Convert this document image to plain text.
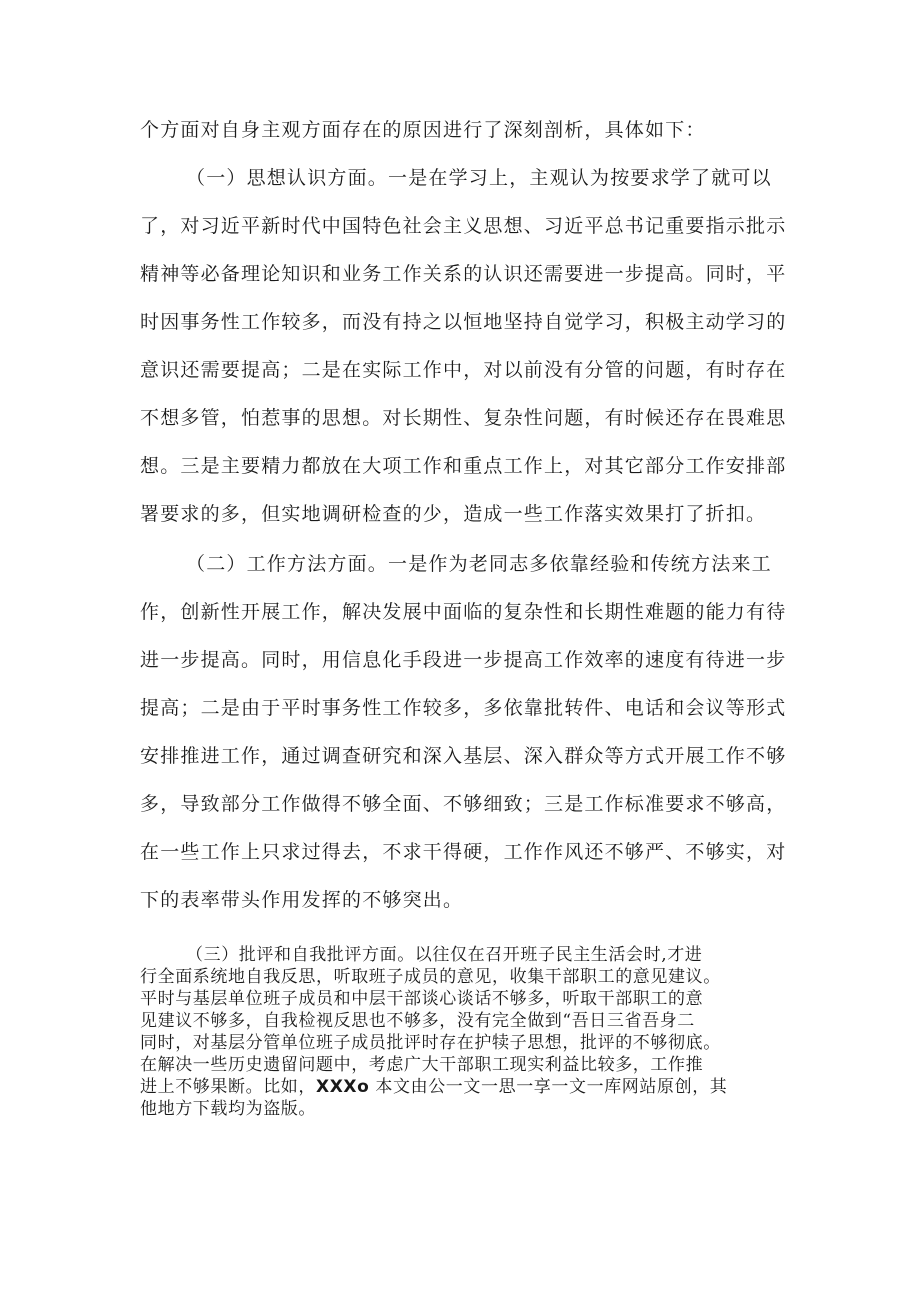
个方面对自身主观方面存在的原因进行了深刻剖析，具体如下：
（一）思想认识方面。一是在学习上，主观认为按要求学了就可以
了，对习近平新时代中国特色社会主义思想、习近平总书记重要指示批示
精神等必备理论知识和业务工作关系的认识还需要进一步提高。同时，平
时因事务性工作较多，而没有持之以恒地坚持自觉学习，积极主动学习的
意识还需要提高；二是在实际工作中，对以前没有分管的问题，有时存在
不想多管，怕惹事的思想。对长期性、复杂性问题，有时候还存在畏难思
想。三是主要精力都放在大项工作和重点工作上，对其它部分工作安排部
署要求的多，但实地调研检查的少，造成一些工作落实效果打了折扣。
（二）工作方法方面。一是作为老同志多依靠经验和传统方法来工
作，创新性开展工作，解决发展中面临的复杂性和长期性难题的能力有待
进一步提高。同时，用信息化手段进一步提高工作效率的速度有待进一步
提高；二是由于平时事务性工作较多，多依靠批转件、电话和会议等形式
安排推进工作，通过调查研究和深入基层、深入群众等方式开展工作不够
多，导致部分工作做得不够全面、不够细致；三是工作标准要求不够高，
在一些工作上只求过得去，不求干得硬，工作作风还不够严、不够实，对
下的表率带头作用发挥的不够突出。
（三）批评和自我批评方面。以往仅在召开班子民主生活会时,才进
行全面系统地自我反思，听取班子成员的意见，收集干部职工的意见建议。
平时与基层单位班子成员和中层干部谈心谈话不够多，听取干部职工的意
见建议不够多，自我检视反思也不够多，没有完全做到“吾日三省吾身二
同时，对基层分管单位班子成员批评时存在护犊子思想，批评的不够彻底。
在解决一些历史遗留问题中，考虑广大干部职工现实利益比较多，工作推
进上不够果断。比如，XXXo 本文由公一文一思一享一文一库网站原创，其
他地方下载均为盗版。
